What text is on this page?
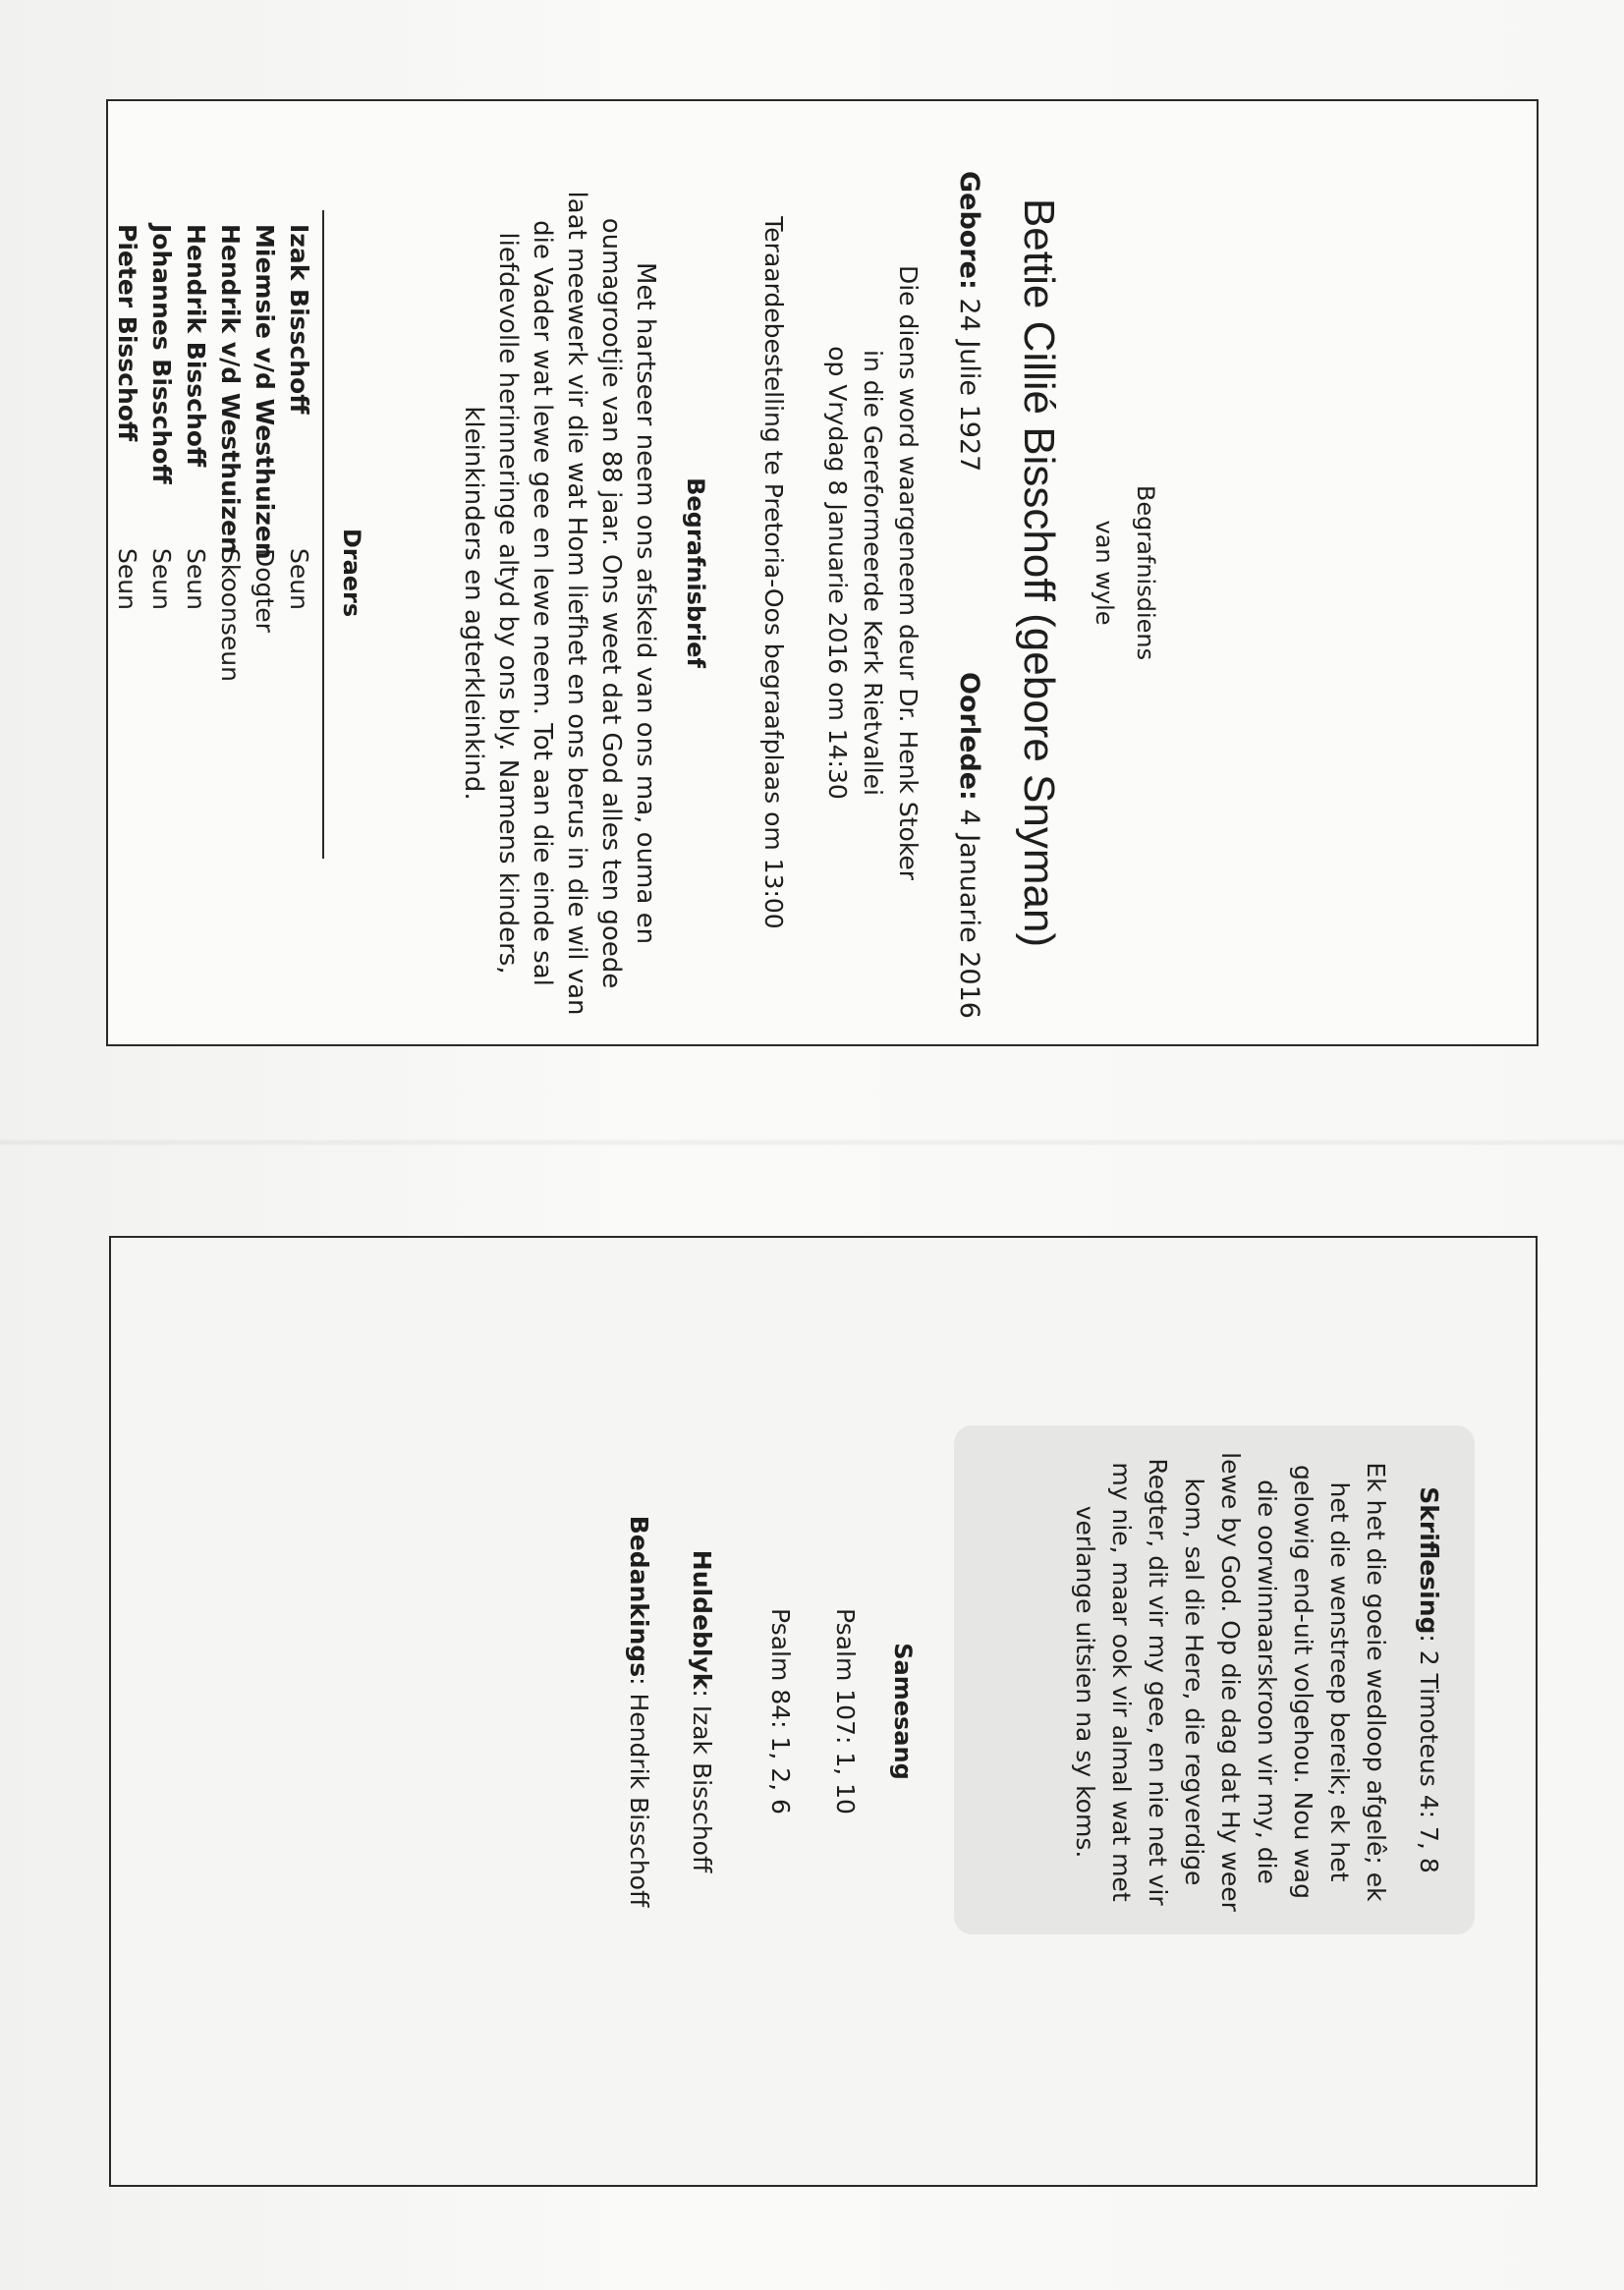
Begrafnisdiens
van wyle
Bettie Cillié Bisschoff (gebore Snyman)
Gebore: 24 Julie 1927
Oorlede: 4 Januarie 2016
Die diens word waargeneem deur Dr. Henk Stoker
in die Gereformeerde Kerk Rietvallei
op Vrydag 8 Januarie 2016 om 14:30
Teraardebestelling te Pretoria-Oos begraafplaas om 13:00
Begrafnisbrief
Met hartseer neem ons afskeid van ons ma, ouma en oumagrootjie van 88 jaar. Ons weet dat God alles ten goede laat meewerk vir die wat Hom liefhet en ons berus in die wil van die Vader wat lewe gee en lewe neem. Tot aan die einde sal liefdevolle herinneringe altyd by ons bly. Namens kinders, kleinkinders en agterkleinkind.
Draers
Izak Bisschoff
Seun
Miemsie v/d Westhuizen
Dogter
Hendrik v/d Westhuizen
Skoonseun
Hendrik Bisschoff
Seun
Johannes Bisschoff
Seun
Pieter Bisschoff
Seun
Skriflesing: 2 Timoteus 4: 7, 8
Ek het die goeie wedloop afgelê; ek het die wenstreep bereik; ek het gelowig end-uit volgehou. Nou wag die oorwinnaarskroon vir my, die lewe by God. Op die dag dat Hy weer kom, sal die Here, die regverdige Regter, dit vir my gee, en nie net vir my nie, maar ook vir almal wat met verlange uitsien na sy koms.
Samesang
Psalm 107: 1, 10
Psalm 84: 1, 2, 6
Huldeblyk: Izak Bisschoff
Bedankings: Hendrik Bisschoff
